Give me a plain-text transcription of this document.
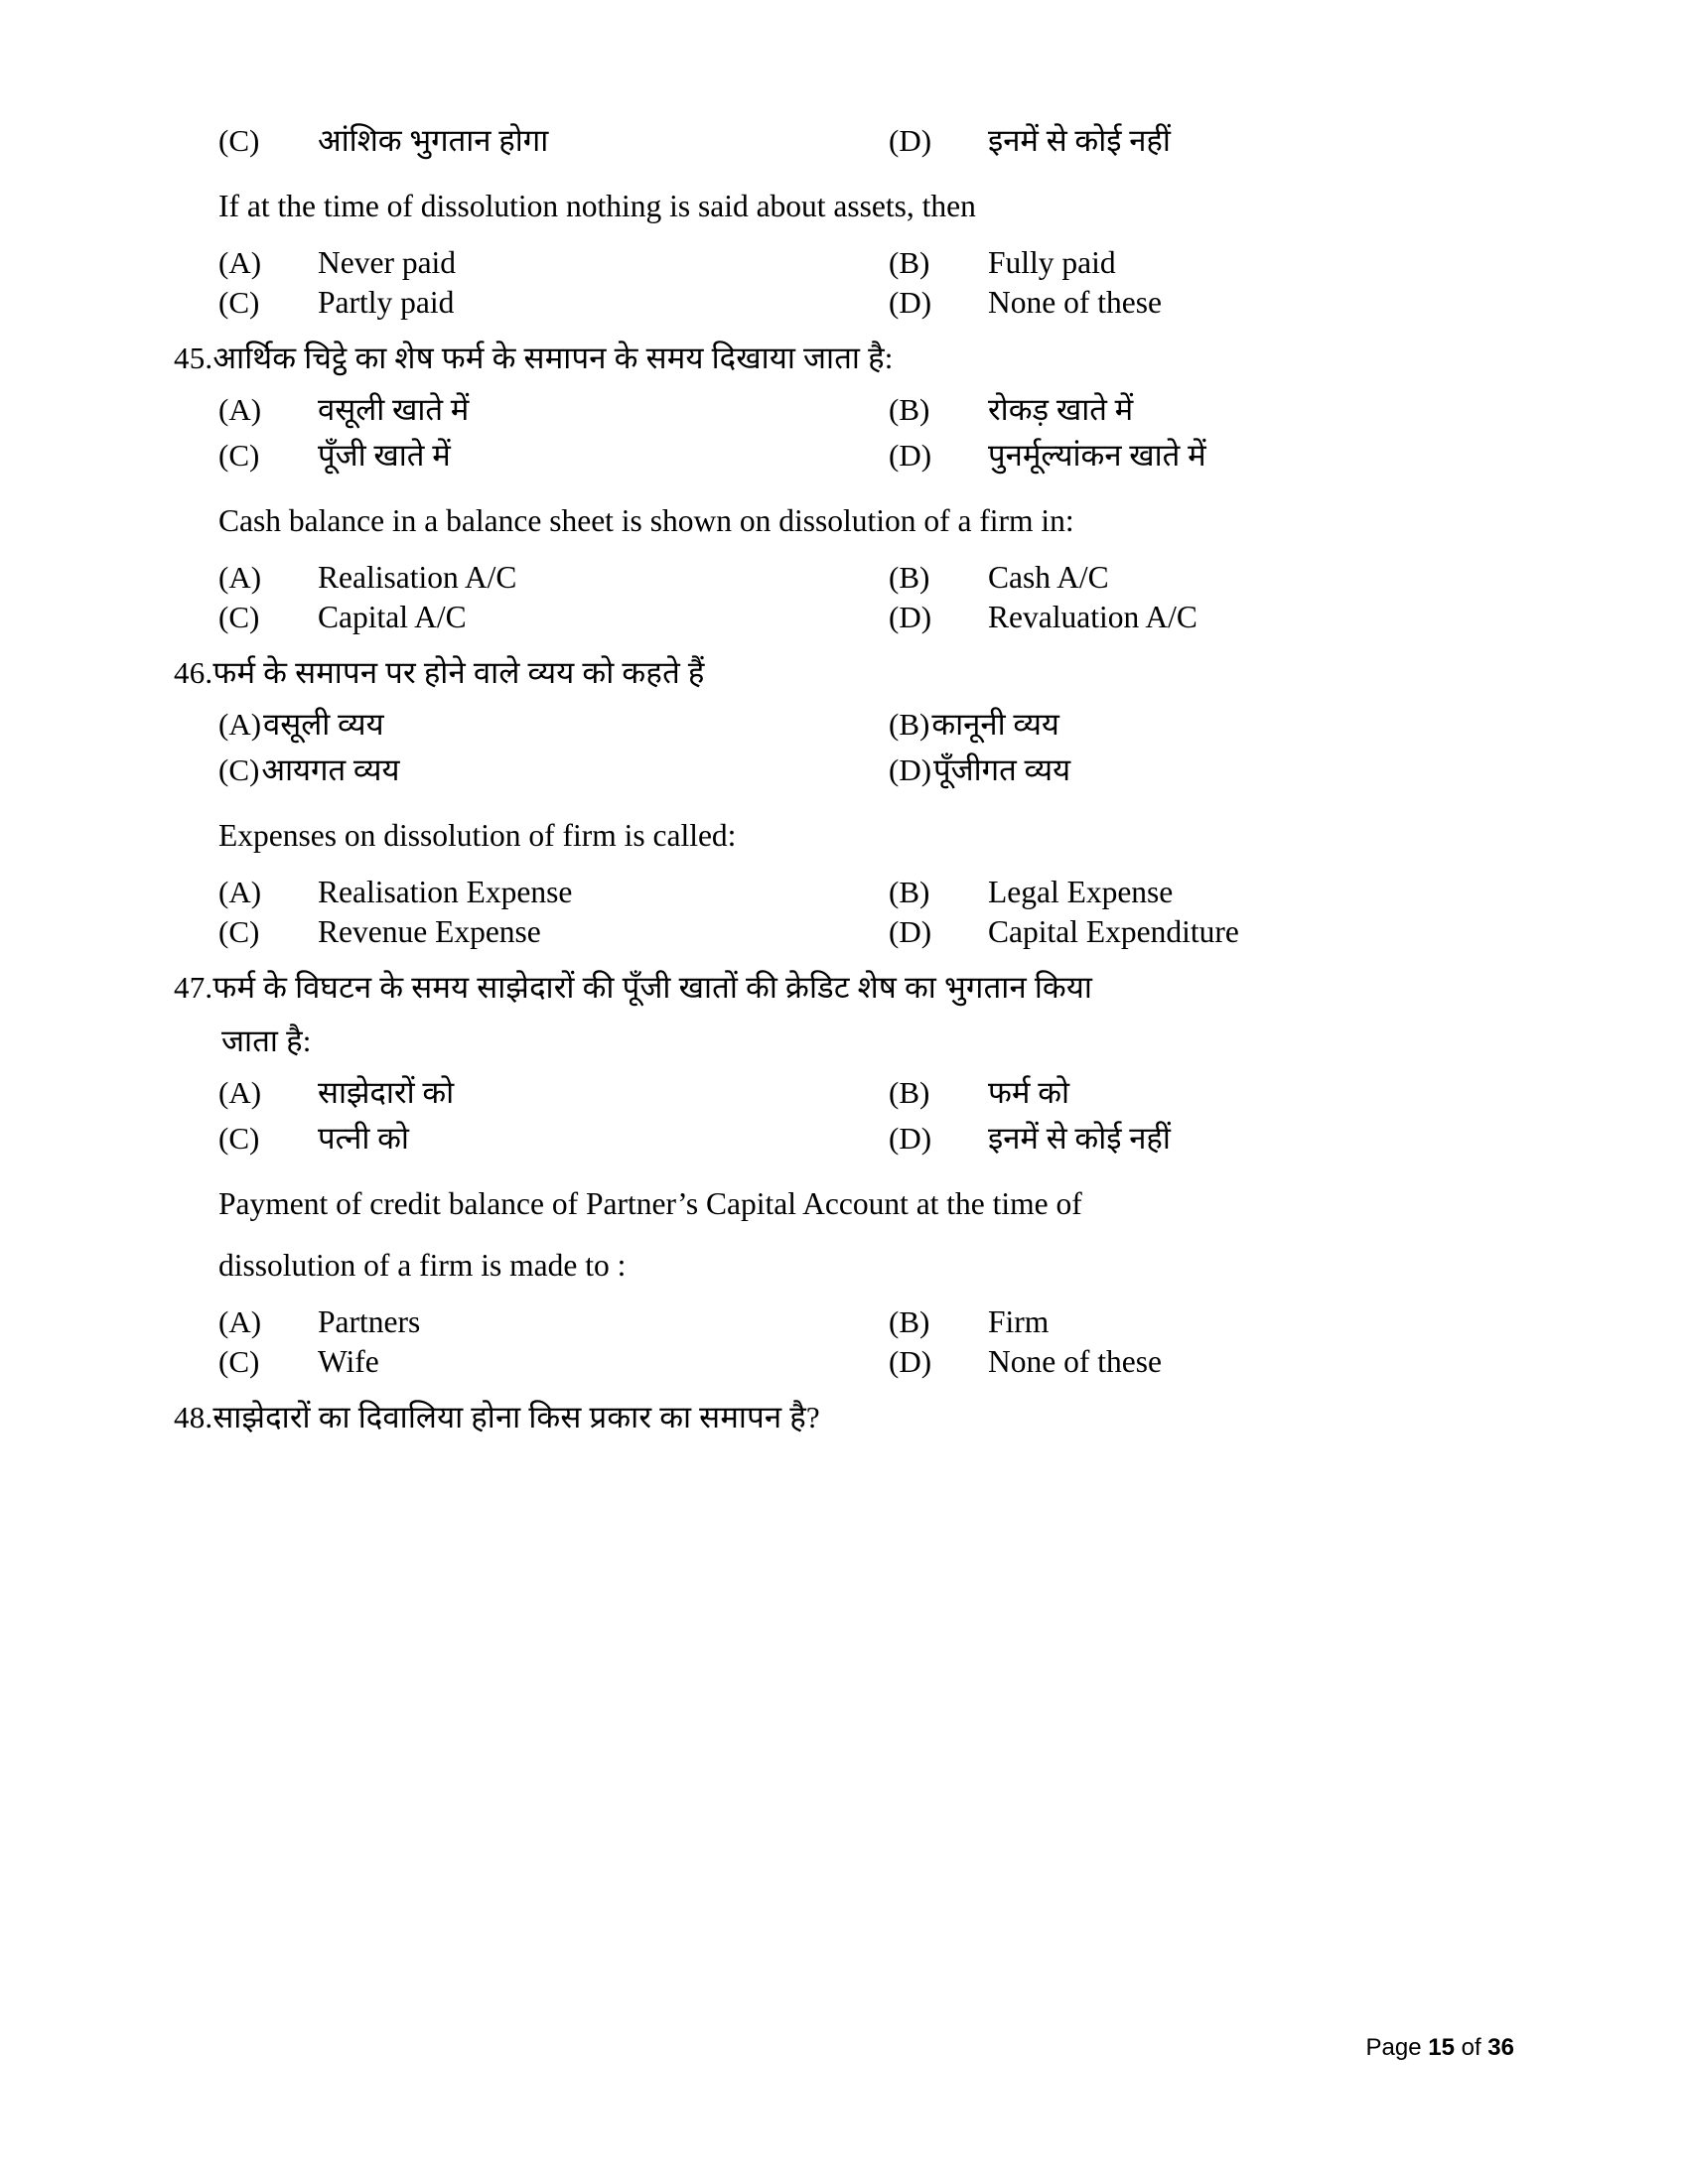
(C)	आंशिक भुगतान होगा	(D)	इनमें से कोई नहीं
If at the time of dissolution nothing is said about assets, then
(A)	Never paid	(B)	Fully paid
(C)	Partly paid	(D)	None of these
45.आर्थिक चिट्ठे का शेष फर्म के समापन के समय दिखाया जाता है:
(A)	वसूली खाते में	(B)	रोकड़ खाते में
(C)	पूँजी खाते में	(D)	पुनर्मूल्यांकन खाते में
Cash balance in a balance sheet is shown on dissolution of a firm in:
(A)	Realisation A/C	(B)	Cash A/C
(C)	Capital A/C	(D)	Revaluation A/C
46.फर्म के समापन पर होने वाले व्यय को कहते हैं
(A) वसूली व्यय	(B) कानूनी व्यय
(C) आयगत व्यय	(D) पूँजीगत व्यय
Expenses on dissolution of firm is called:
(A)	Realisation Expense	(B)	Legal Expense
(C)	Revenue Expense	(D)	Capital Expenditure
47.फर्म के विघटन के समय साझेदारों की पूँजी खातों की क्रेडिट शेष का भुगतान किया
जाता है:
(A)	साझेदारों को	(B)	फर्म को
(C)	पत्नी को	(D)	इनमें से कोई नहीं
Payment of credit balance of Partner’s Capital Account at the time of
dissolution of a firm is made to :
(A)	Partners	(B)	Firm
(C)	Wife	(D)	None of these
48.साझेदारों का दिवालिया होना किस प्रकार का समापन है?

Page 15 of 36
